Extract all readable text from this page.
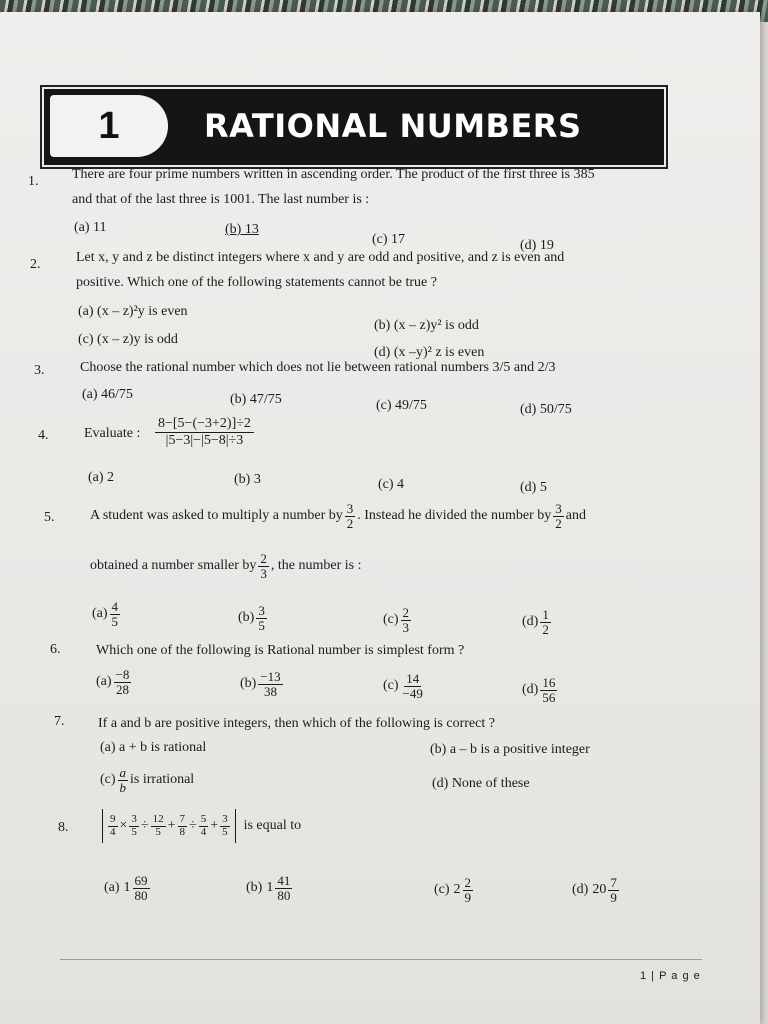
1	RATIONAL NUMBERS
1. There are four prime numbers written in ascending order. The product of the first three is 385
and that of the last three is 1001. The last number is :
(a) 11	(b) 13
(c) 17	(d) 19
2.	Let x, y and z be distinct integers where x and y are odd and positive, and z is even and
positive. Which one of the following statements cannot be true ?
(a) (x – z)²y is even
(b) (x – z)y² is odd
(c) (x – z)y is odd
(d) (x –y)² z is even
3.	Choose the rational number which does not lie between rational numbers 3/5 and 2/3
(a) 46/75	(b) 47/75	(c) 49/75	(d) 50/75
4.	Evaluate : $\frac{8-[5-(-3+2)]\div 2}{|5-3|-|5-8|\div 3}$
(a) 2	(b) 3	(c) 4	(d) 5
5.	A student was asked to multiply a number by $\frac{3}{2}$ . Instead he divided the number by $\frac{3}{2}$ and
obtained a number smaller by $\frac{2}{3}$ , the number is :
$(a) \frac{4}{5}$	$(b) \frac{3}{5}$	$(c) \frac{2}{3}$	$(d) \frac{1}{2}$
6.	Which one of the following is Rational number is simplest form ?
$(a) \frac{-8}{28}$	$(b) \frac{-13}{38}$	$(c) \frac{14}{-49}$	$(d) \frac{16}{56}$
7. If a and b are positive integers, then which of the following is correct ?
(a) a + b is rational	(b) a – b is a positive integer
$(c) \frac{a}{b}$ is irrational	(d) None of these
8.	$\frac{9}{4} \times \frac{3}{5} \div \frac{12}{5} + \frac{7}{8} \div \frac{5}{4} + \frac{3}{5}$ is equal to
(a) $1 \frac{69}{80}$	(b) $1 \frac{41}{80}$	(c) $2 \frac{2}{9}$	(d) $20 \frac{7}{9}$
1 | P a g e
